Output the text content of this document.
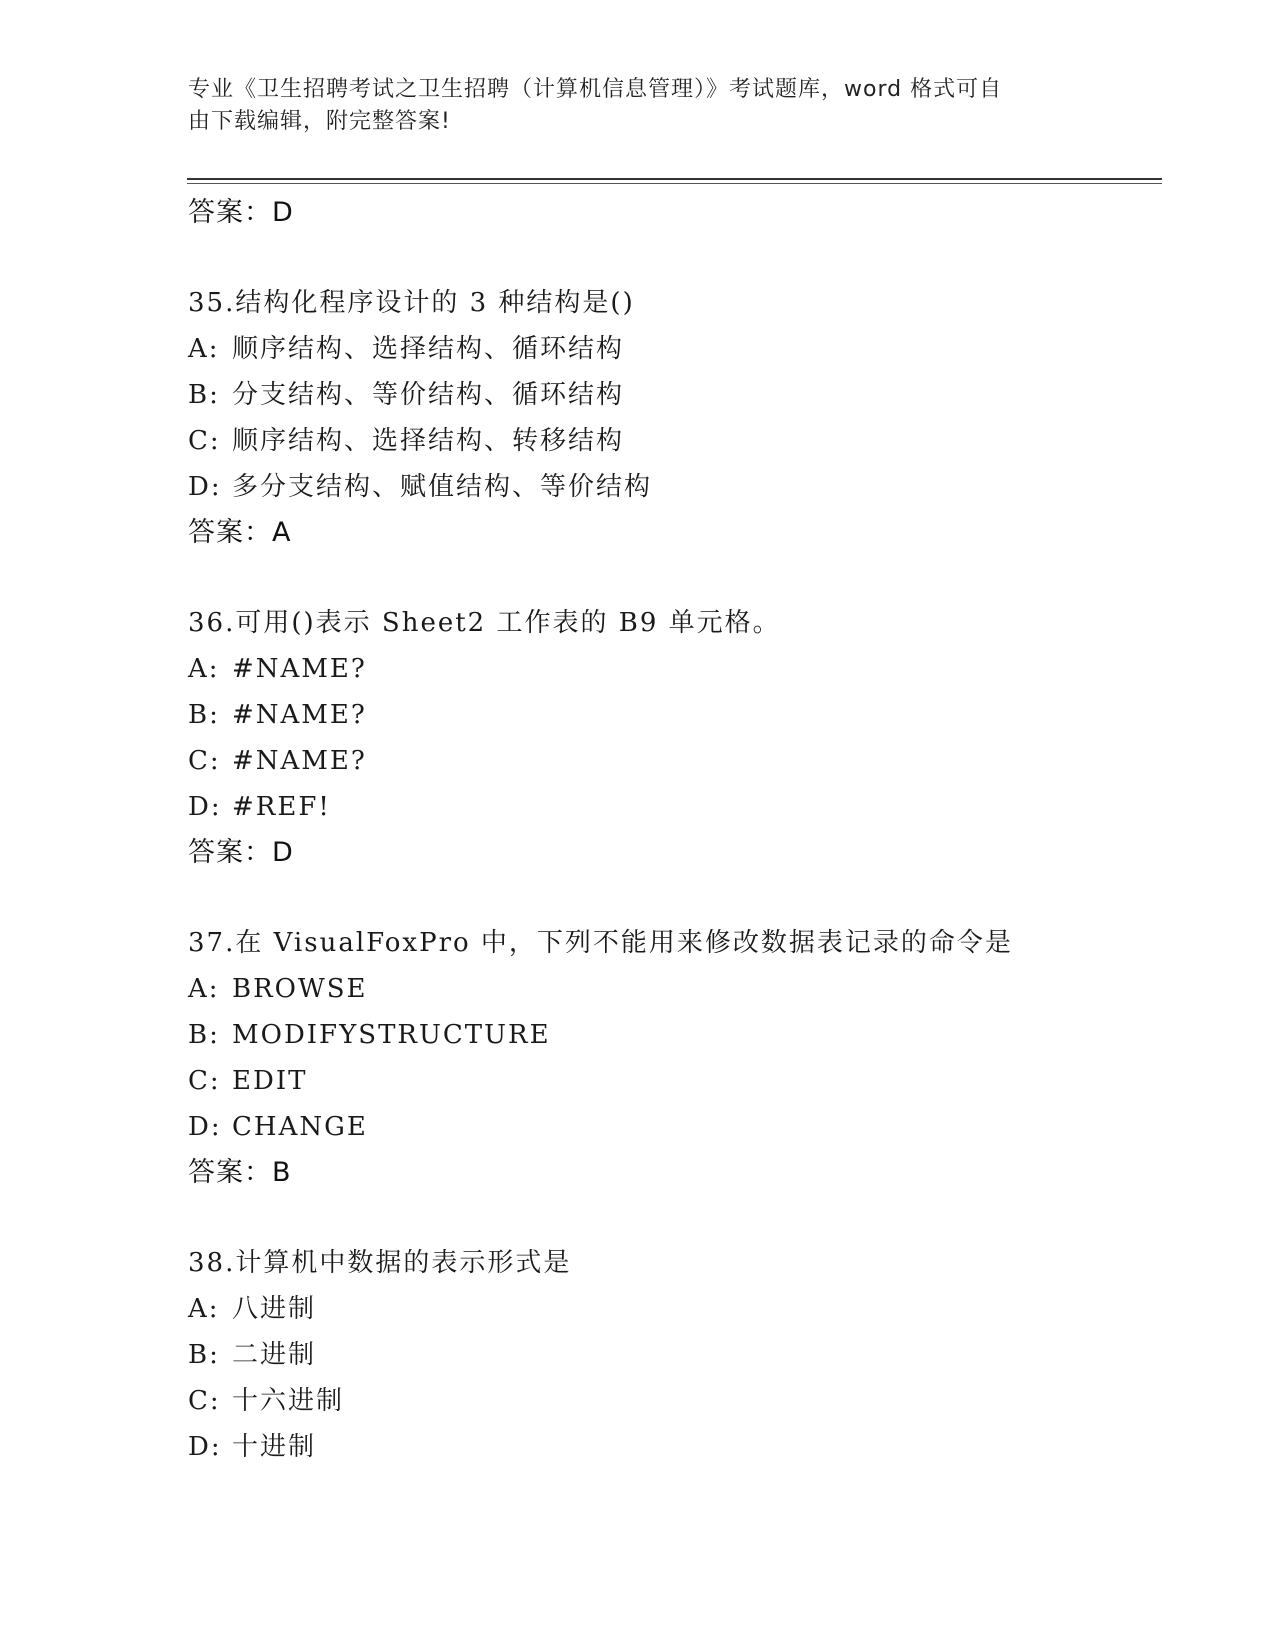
专业《卫生招聘考试之卫生招聘（计算机信息管理）》考试题库，word 格式可自
由下载编辑，附完整答案!
答案：D
35.结构化程序设计的 3 种结构是()
A: 顺序结构、选择结构、循环结构
B: 分支结构、等价结构、循环结构
C: 顺序结构、选择结构、转移结构
D: 多分支结构、赋值结构、等价结构
答案：A
36.可用()表示 Sheet2 工作表的 B9 单元格。
A: #NAME?
B: #NAME?
C: #NAME?
D: #REF!
答案：D
37.在 VisualFoxPro 中，下列不能用来修改数据表记录的命令是
A: BROWSE
B: MODIFYSTRUCTURE
C: EDIT
D: CHANGE
答案：B
38.计算机中数据的表示形式是
A: 八进制
B: 二进制
C: 十六进制
D: 十进制
